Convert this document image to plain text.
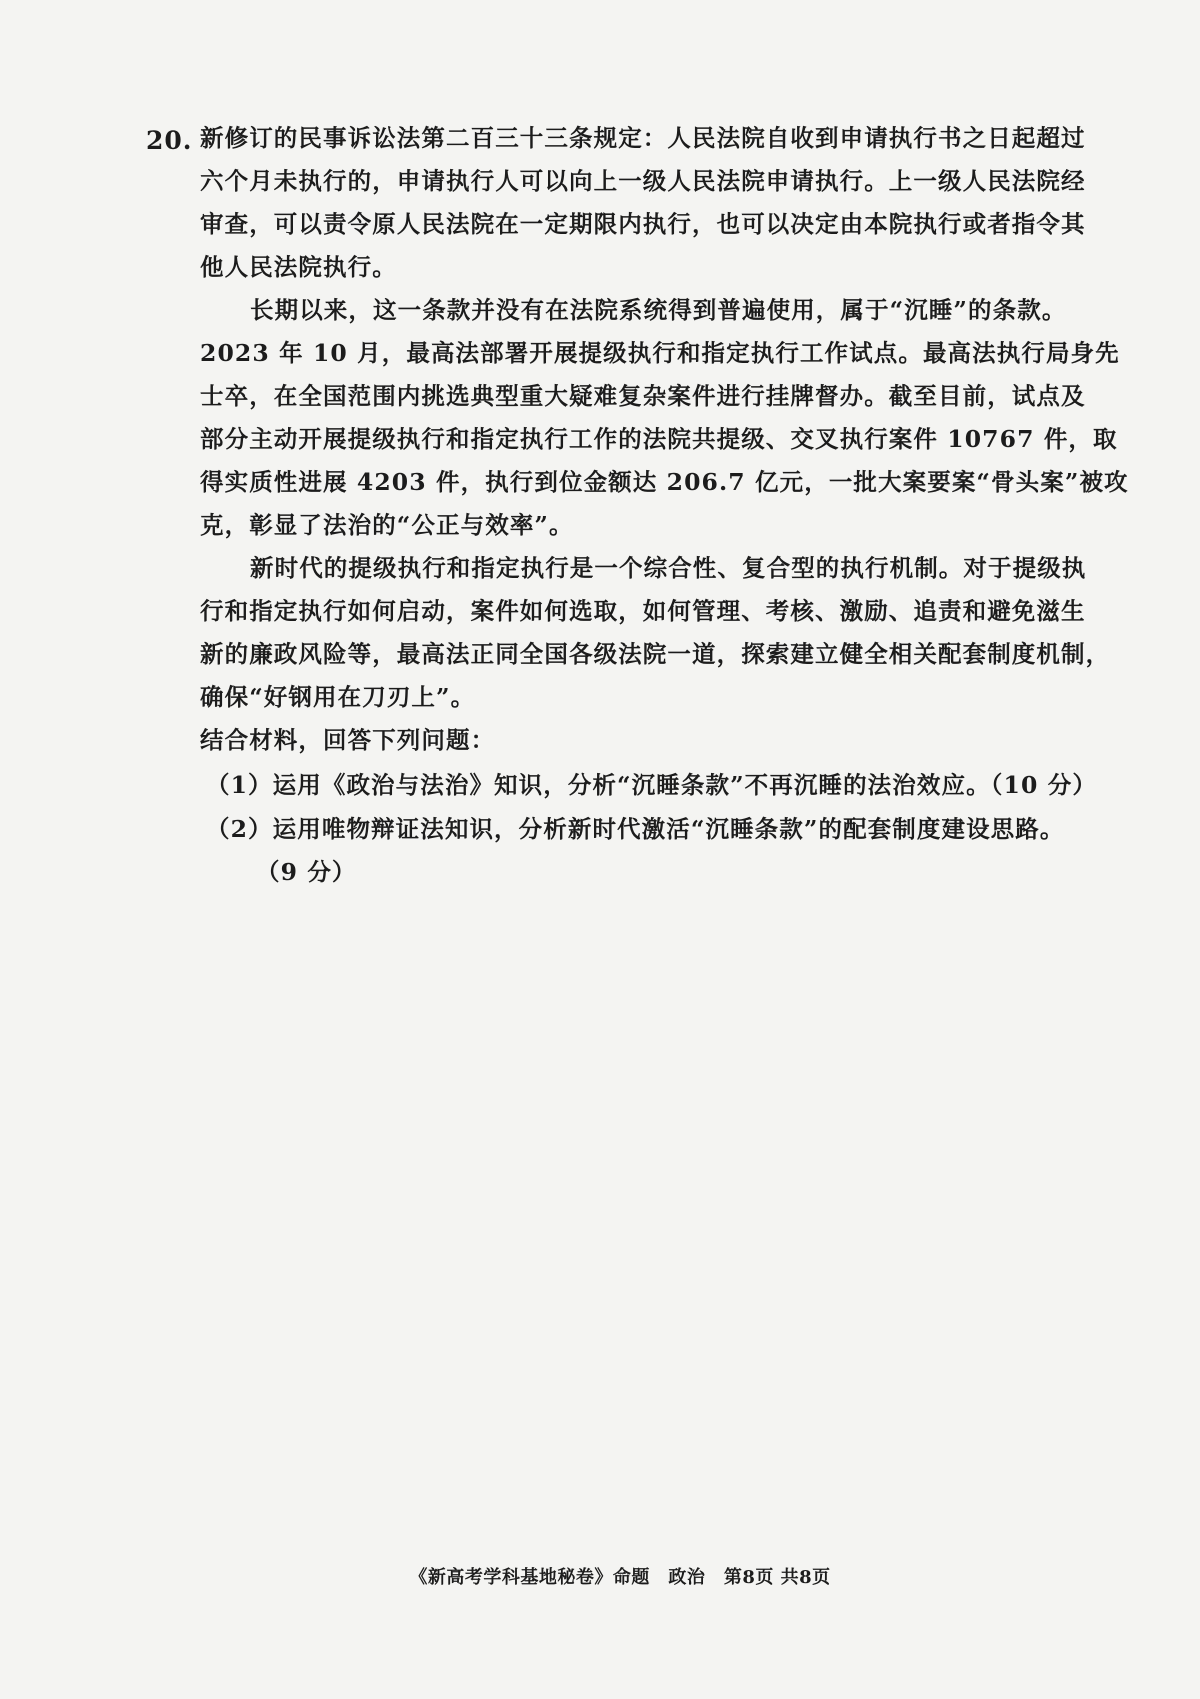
20. 新修订的民事诉讼法第二百三十三条规定：人民法院自收到申请执行书之日起超过
六个月未执行的，申请执行人可以向上一级人民法院申请执行。上一级人民法院经
审查，可以责令原人民法院在一定期限内执行，也可以决定由本院执行或者指令其
他人民法院执行。
长期以来，这一条款并没有在法院系统得到普遍使用，属于“沉睡”的条款。
2023 年 10 月，最高法部署开展提级执行和指定执行工作试点。最高法执行局身先
士卒，在全国范围内挑选典型重大疑难复杂案件进行挂牌督办。截至目前，试点及
部分主动开展提级执行和指定执行工作的法院共提级、交叉执行案件 10767 件，取
得实质性进展 4203 件，执行到位金额达 206.7 亿元，一批大案要案“骨头案”被攻
克，彰显了法治的“公正与效率”。
新时代的提级执行和指定执行是一个综合性、复合型的执行机制。对于提级执
行和指定执行如何启动，案件如何选取，如何管理、考核、激励、追责和避免滋生
新的廉政风险等，最高法正同全国各级法院一道，探索建立健全相关配套制度机制，
确保“好钢用在刀刃上”。
结合材料，回答下列问题：
（1）运用《政治与法治》知识，分析“沉睡条款”不再沉睡的法治效应。（10 分）
（2）运用唯物辩证法知识，分析新时代激活“沉睡条款”的配套制度建设思路。
（9 分）
《新高考学科基地秘卷》命题　政治　第8页 共8页
